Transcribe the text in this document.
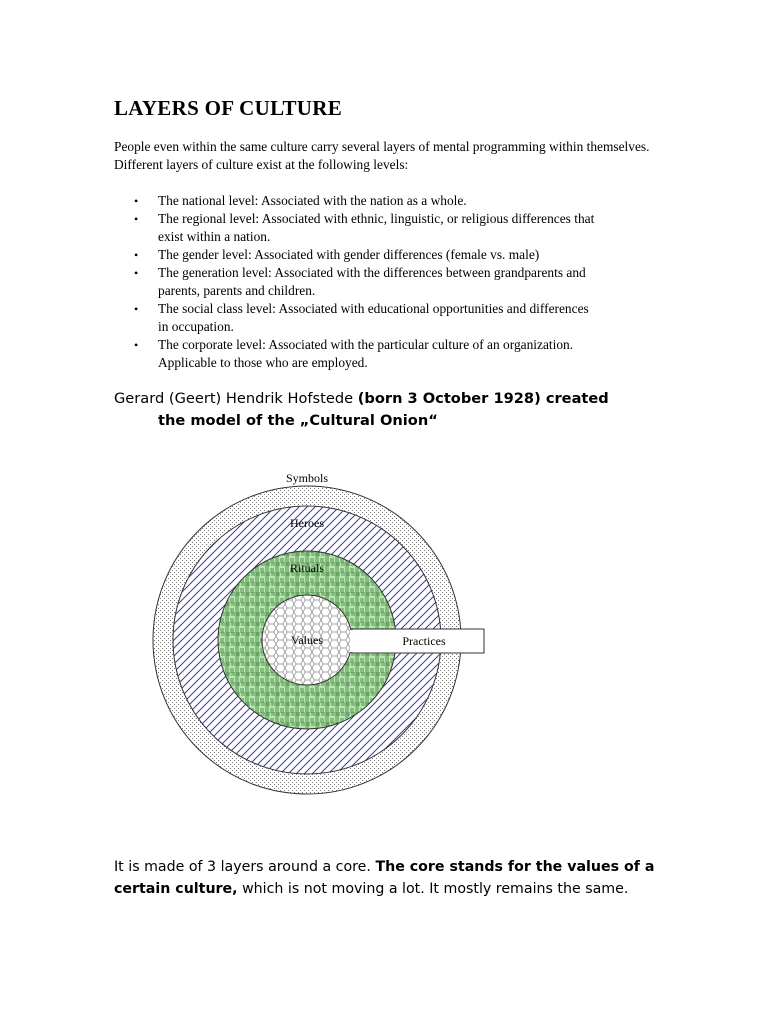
LAYERS OF CULTURE

People even within the same culture carry several layers of mental programming within themselves. Different layers of culture exist at the following levels:

• The national level: Associated with the nation as a whole.
• The regional level: Associated with ethnic, linguistic, or religious differences that
exist within a nation.
• The gender level: Associated with gender differences (female vs. male)
• The generation level: Associated with the differences between grandparents and
parents, parents and children.
• The social class level: Associated with educational opportunities and differences
in occupation.
• The corporate level: Associated with the particular culture of an organization.
Applicable to those who are employed.

Gerard (Geert) Hendrik Hofstede (born 3 October 1928) created
the model of the „Cultural Onion“

Symbols
Heroes
Rituals
Values	Practices

It is made of 3 layers around a core. The core stands for the values of a certain culture, which is not moving a lot. It mostly remains the same.
